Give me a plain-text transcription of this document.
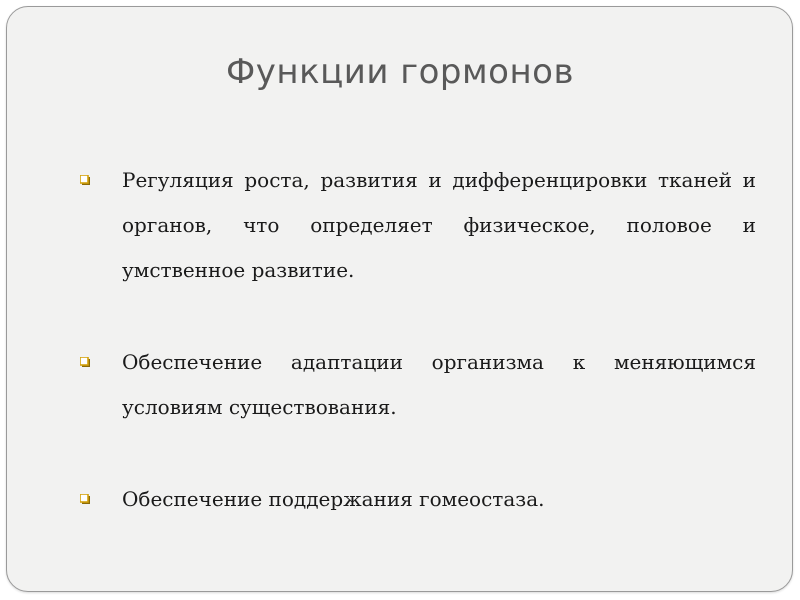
Функции гормонов
Регуляция роста, развития и дифференцировки тканей и органов, что определяет физическое, половое и умственное развитие.
Обеспечение адаптации организма к меняющимся условиям существования.
Обеспечение поддержания гомеостаза.
